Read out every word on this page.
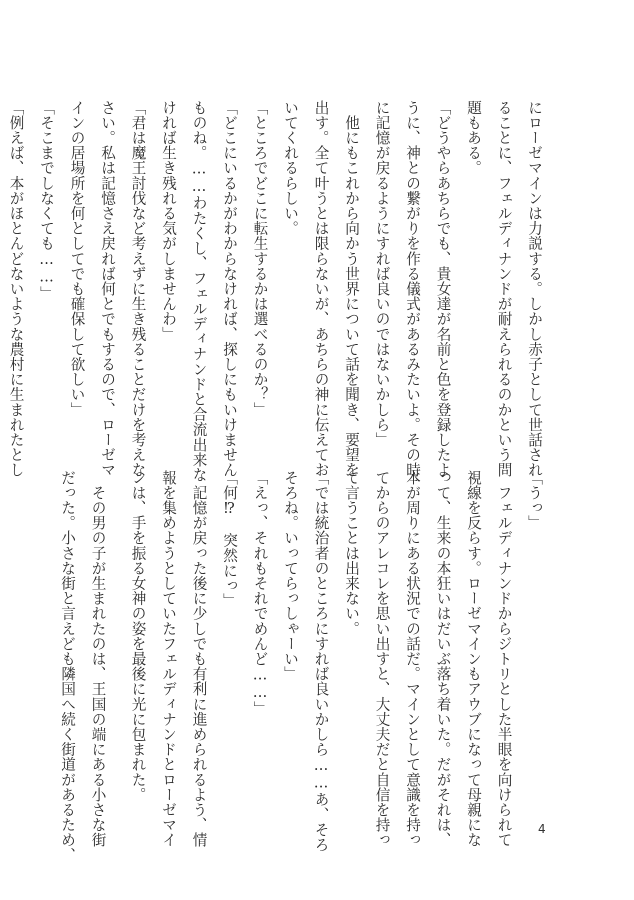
にローゼマインは力説する。しかし赤子として世話され
ることに、フェルディナンドが耐えられるのかという問
題もある。
「どうやらあちらでも、貴女達が名前と色を登録したよ
うに、神との繋がりを作る儀式があるみたいよ。その時
に記憶が戻るようにすれば良いのではないかしら」
　他にもこれから向かう世界について話を聞き、要望を
出す。全て叶うとは限らないが、あちらの神に伝えてお
いてくれるらしい。
「ところでどこに転生するかは選べるのか？」
「どこにいるかがわからなければ、探しにもいけません
ものね。……わたくし、フェルディナンドと合流出来な
ければ生き残れる気がしませんわ」
「君は魔王討伐など考えずに生き残ることだけを考えな
さい。私は記憶さえ戻れば何とでもするので、ローゼマ
インの居場所を何としてでも確保して欲しい」
「そこまでしなくても……」
「例えば、本がほとんどないような農村に生まれたとし
「うっ」
　フェルディナンドからジトリとした半眼を向けられて
視線を反らす。ローゼマインもアウブになって母親にな
って、生来の本狂いはだいぶ落ち着いた。だがそれは、
本が周りにある状況での話だ。マインとして意識を持っ
てからのアレコレを思い出すと、大丈夫だと自信を持っ
て言うことは出来ない。
「では統治者のところにすれば良いかしら……あ、そろ
そろね。いってらっしゃーい」
「えっ、それもそれでめんど……」
「何⁉　突然にっ」
　記憶が戻った後に少しでも有利に進められるよう、情
報を集めようとしていたフェルディナンドとローゼマイ
ンは、手を振る女神の姿を最後に光に包まれた。
　その男の子が生まれたのは、王国の端にある小さな街
だった。小さな街と言えども隣国へ続く街道があるため、	4
